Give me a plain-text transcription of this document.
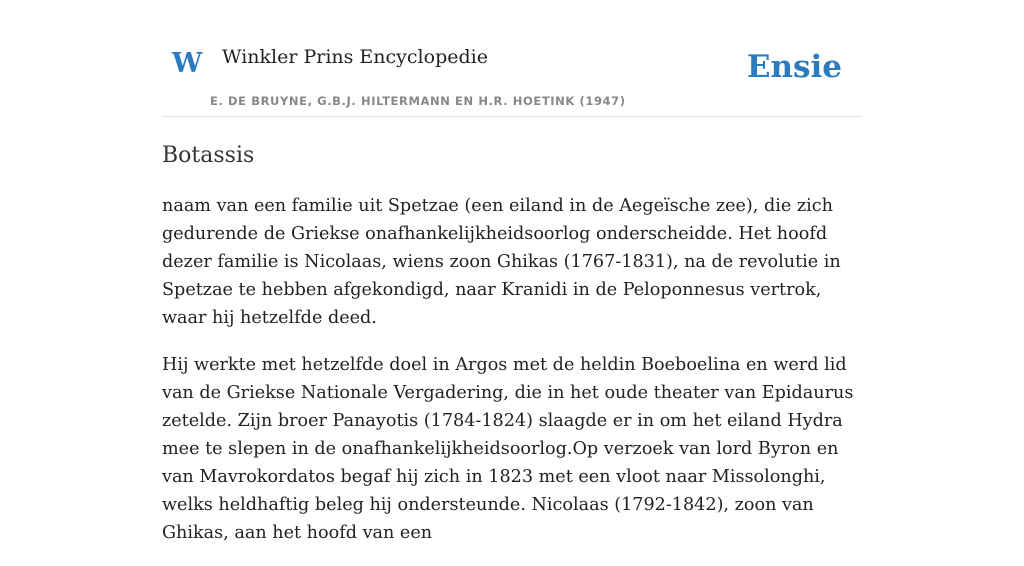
W Winkler Prins Encyclopedie
E. DE BRUYNE, G.B.J. HILTERMANN EN H.R. HOETINK (1947)
Ensie
Botassis

naam van een familie uit Spetzae (een eiland in de Aegeïsche zee), die zich gedurende de Griekse onafhankelijkheidsoorlog onderscheidde. Het hoofd dezer familie is Nicolaas, wiens zoon Ghikas (1767-1831), na de revolutie in Spetzae te hebben afgekondigd, naar Kranidi in de Peloponnesus vertrok, waar hij hetzelfde deed.

Hij werkte met hetzelfde doel in Argos met de heldin Boeboelina en werd lid van de Griekse Nationale Vergadering, die in het oude theater van Epidaurus zetelde. Zijn broer Panayotis (1784-1824) slaagde er in om het eiland Hydra mee te slepen in de onafhankelijkheidsoorlog.Op verzoek van lord Byron en van Mavrokordatos begaf hij zich in 1823 met een vloot naar Missolonghi, welks heldhaftig beleg hij ondersteunde. Nicolaas (1792-1842), zoon van Ghikas, aan het hoofd van een
